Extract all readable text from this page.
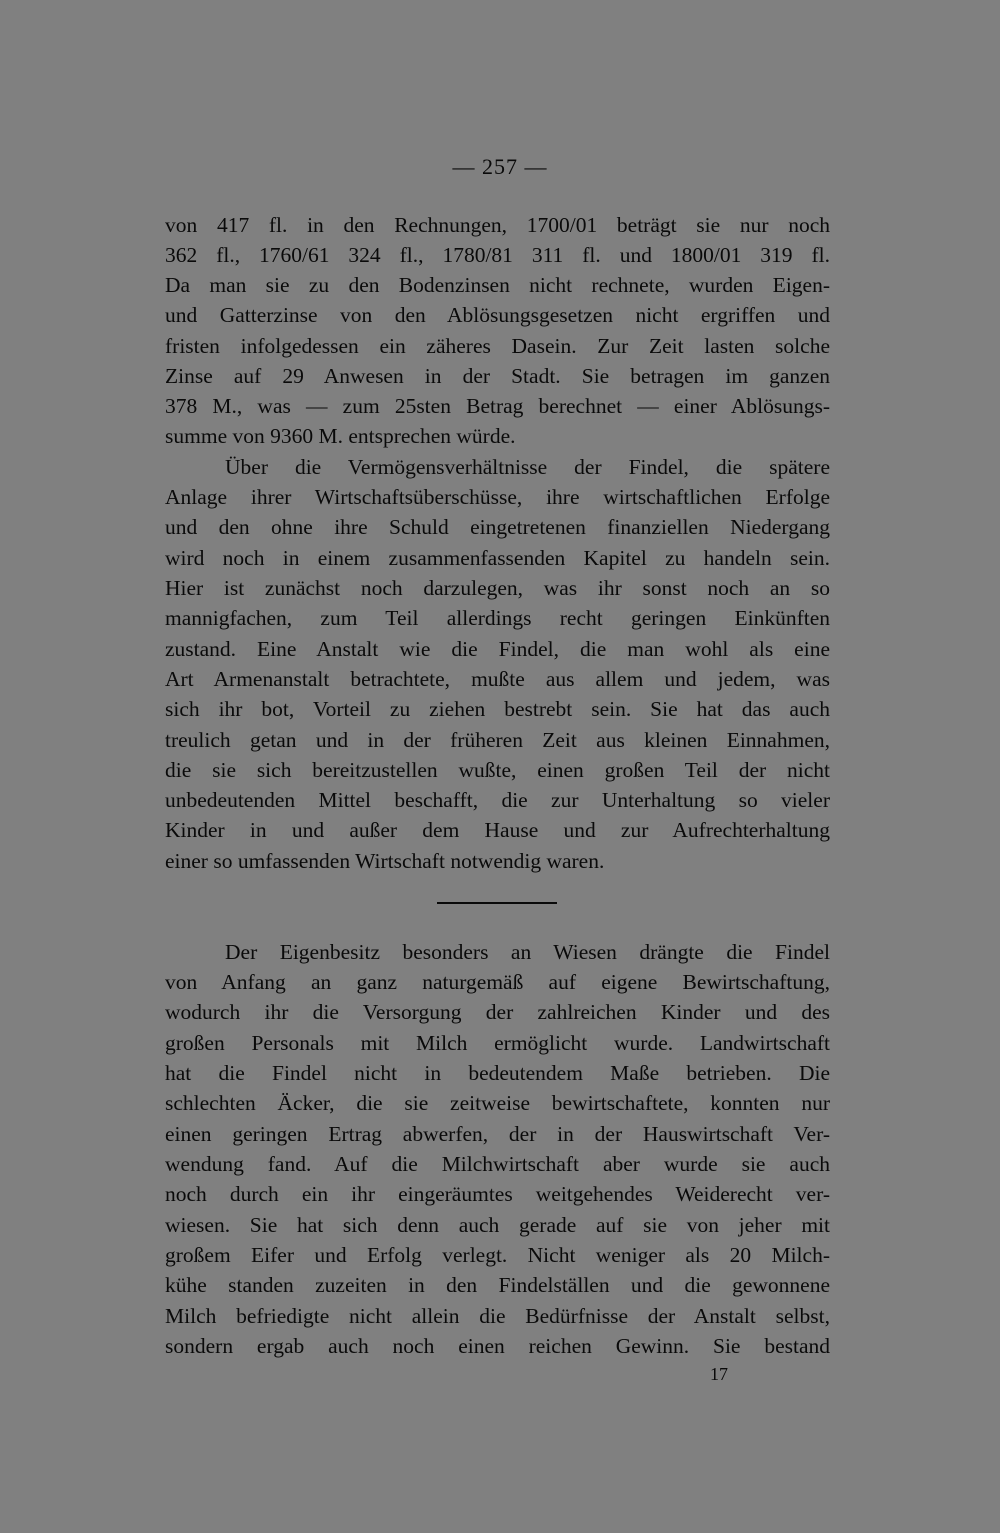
— 257 —
von 417 fl. in den Rechnungen, 1700/01 beträgt sie nur noch
362 fl., 1760/61 324 fl., 1780/81 311 fl. und 1800/01 319 fl.
Da man sie zu den Bodenzinsen nicht rechnete, wurden Eigen-
und Gatterzinse von den Ablösungsgesetzen nicht ergriffen und
fristen infolgedessen ein zäheres Dasein. Zur Zeit lasten solche
Zinse auf 29 Anwesen in der Stadt. Sie betragen im ganzen
378 M., was — zum 25sten Betrag berechnet — einer Ablösungs-
summe von 9360 M. entsprechen würde.
Über die Vermögensverhältnisse der Findel, die spätere
Anlage ihrer Wirtschaftsüberschüsse, ihre wirtschaftlichen Erfolge
und den ohne ihre Schuld eingetretenen finanziellen Niedergang
wird noch in einem zusammenfassenden Kapitel zu handeln sein.
Hier ist zunächst noch darzulegen, was ihr sonst noch an so
mannigfachen, zum Teil allerdings recht geringen Einkünften
zustand. Eine Anstalt wie die Findel, die man wohl als eine
Art Armenanstalt betrachtete, mußte aus allem und jedem, was
sich ihr bot, Vorteil zu ziehen bestrebt sein. Sie hat das auch
treulich getan und in der früheren Zeit aus kleinen Einnahmen,
die sie sich bereitzustellen wußte, einen großen Teil der nicht
unbedeutenden Mittel beschafft, die zur Unterhaltung so vieler
Kinder in und außer dem Hause und zur Aufrechterhaltung
einer so umfassenden Wirtschaft notwendig waren.
Der Eigenbesitz besonders an Wiesen drängte die Findel
von Anfang an ganz naturgemäß auf eigene Bewirtschaftung,
wodurch ihr die Versorgung der zahlreichen Kinder und des
großen Personals mit Milch ermöglicht wurde. Landwirtschaft
hat die Findel nicht in bedeutendem Maße betrieben. Die
schlechten Äcker, die sie zeitweise bewirtschaftete, konnten nur
einen geringen Ertrag abwerfen, der in der Hauswirtschaft Ver-
wendung fand. Auf die Milchwirtschaft aber wurde sie auch
noch durch ein ihr eingeräumtes weitgehendes Weiderecht ver-
wiesen. Sie hat sich denn auch gerade auf sie von jeher mit
großem Eifer und Erfolg verlegt. Nicht weniger als 20 Milch-
kühe standen zuzeiten in den Findelställen und die gewonnene
Milch befriedigte nicht allein die Bedürfnisse der Anstalt selbst,
sondern ergab auch noch einen reichen Gewinn. Sie bestand
17
